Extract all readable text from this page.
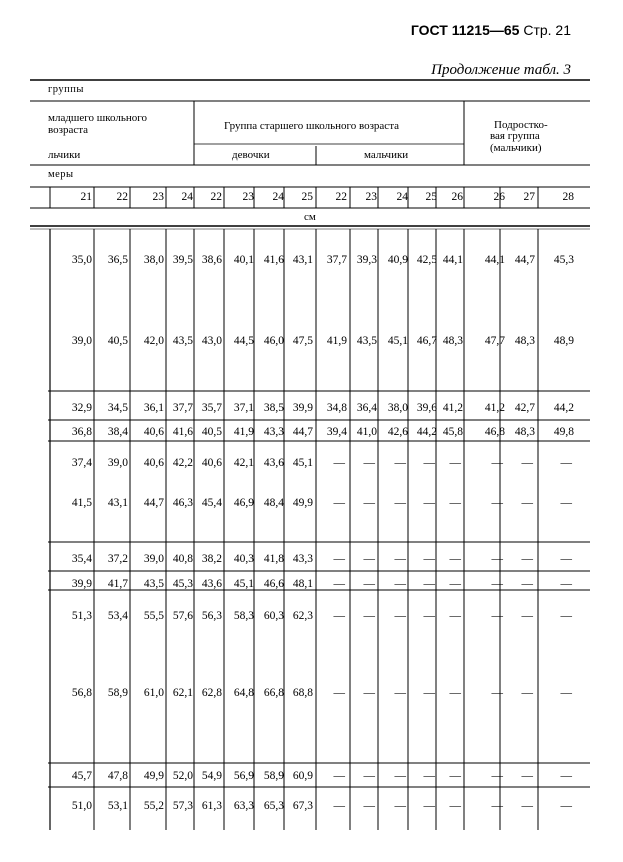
ГОСТ 11215—65 Стр. 21
Продолжение табл. 3
группы
младшего школьного
возраста	Группа старшего школьного возраста	Подростко-
вая группа
(мальчики)
льчики	девочки	мальчики
меры
см
21	22	23	24	22	23	24	25	22	23	24	25	26	26	27	28
35,0	36,5	38,0 39,5 38,6	40,1 41,6 43,1	37,7 39,3 40,9 42,5 44,1	44,1 44,7	45,3
39,0	40,5	42,0 43,5 43,0	44,5 46,0 47,5	41,9 43,5 45,1 46,7 48,3	47,7 48,3	48,9
32,9	34,5	36,1 37,7 35,7	37,1 38,5 39,9	34,8 36,4 38,0 39,6 41,2	41,2 42,7	44,2
36,8	38,4	40,6 41,6 40,5	41,9 43,3 44,7	39,4 41,0 42,6 44,2 45,8	46,8 48,3	49,8
37,4	39,0	40,6 42,2 40,6	42,1 43,6 45,1	—	—	—	—	—	—	—	—
41,5	43,1	44,7 46,3 45,4	46,9 48,4 49,9	—	—	—	—	—	—	—	—
35,4	37,2	39,0 40,8 38,2	40,3 41,8 43,3	—	—	—	—	—	—	—	—
39,9	41,7	43,5 45,3 43,6	45,1 46,6 48,1	—	—	—	—	—	—	—	—
51,3	53,4	55,5 57,6 56,3	58,3 60,3 62,3	—	—	—	—	—	—	—	—
56,8	58,9	61,0 62,1 62,8	64,8 66,8 68,8	—	—	—	—	—	—	—	—
45,7	47,8	49,9 52,0 54,9	56,9 58,9 60,9	—	—	—	—	—	—	—	—
51,0	53,1	55,2 57,3 61,3	63,3 65,3 67,3	—	—	—	—	—	—	—	—
